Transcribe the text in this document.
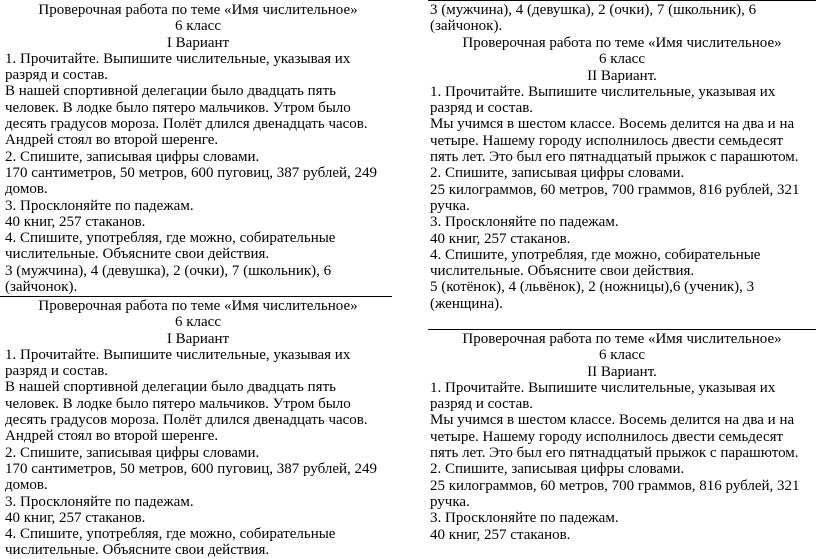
Проверочная работа по теме «Имя числительное»
6 класс
I Вариант

1. Прочитайте. Выпишите числительные, указывая их разряд и состав.

В нашей спортивной делегации было двадцать пять человек. В лодке было пятеро мальчиков. Утром было десять градусов мороза. Полёт длился двенадцать часов. Андрей стоял во второй шеренге.

2. Спишите, записывая цифры словами.

170 сантиметров, 50 метров, 600 пуговиц, 387 рублей, 249 домов.

3. Просклоняйте по падежам.

40 книг, 257 стаканов.

4. Спишите, употребляя, где можно, собирательные числительные. Объясните свои действия.

3 (мужчина), 4 (девушка), 2 (очки), 7 (школьник), 6 (зайчонок).

Проверочная работа по теме «Имя числительное»
6 класс
I Вариант

1. Прочитайте. Выпишите числительные, указывая их разряд и состав.

В нашей спортивной делегации было двадцать пять человек. В лодке было пятеро мальчиков. Утром было десять градусов мороза. Полёт длился двенадцать часов. Андрей стоял во второй шеренге.

2. Спишите, записывая цифры словами.

170 сантиметров, 50 метров, 600 пуговиц, 387 рублей, 249 домов.

3. Просклоняйте по падежам.

40 книг, 257 стаканов.

4. Спишите, употребляя, где можно, собирательные числительные. Объясните свои действия.

3 (мужчина), 4 (девушка), 2 (очки), 7 (школьник), 6 (зайчонок).

Проверочная работа по теме «Имя числительное»
6 класс
II Вариант.

1. Прочитайте. Выпишите числительные, указывая их разряд и состав.

Мы учимся в шестом классе. Восемь делится на два и на четыре. Нашему городу исполнилось двести семьдесят пять лет. Это был его пятнадцатый прыжок с парашютом.

2. Спишите, записывая цифры словами.

25 килограммов, 60 метров, 700 граммов, 816 рублей, 321 ручка.

3. Просклоняйте по падежам.

40 книг, 257 стаканов.

4. Спишите, употребляя, где можно, собирательные числительные. Объясните свои действия.

5 (котёнок), 4 (львёнок), 2 (ножницы),6 (ученик), 3 (женщина).

Проверочная работа по теме «Имя числительное»
6 класс
II Вариант.

1. Прочитайте. Выпишите числительные, указывая их разряд и состав.

Мы учимся в шестом классе. Восемь делится на два и на четыре. Нашему городу исполнилось двести семьдесят пять лет. Это был его пятнадцатый прыжок с парашютом.

2. Спишите, записывая цифры словами.

25 килограммов, 60 метров, 700 граммов, 816 рублей, 321 ручка.

3. Просклоняйте по падежам.

40 книг, 257 стаканов.
